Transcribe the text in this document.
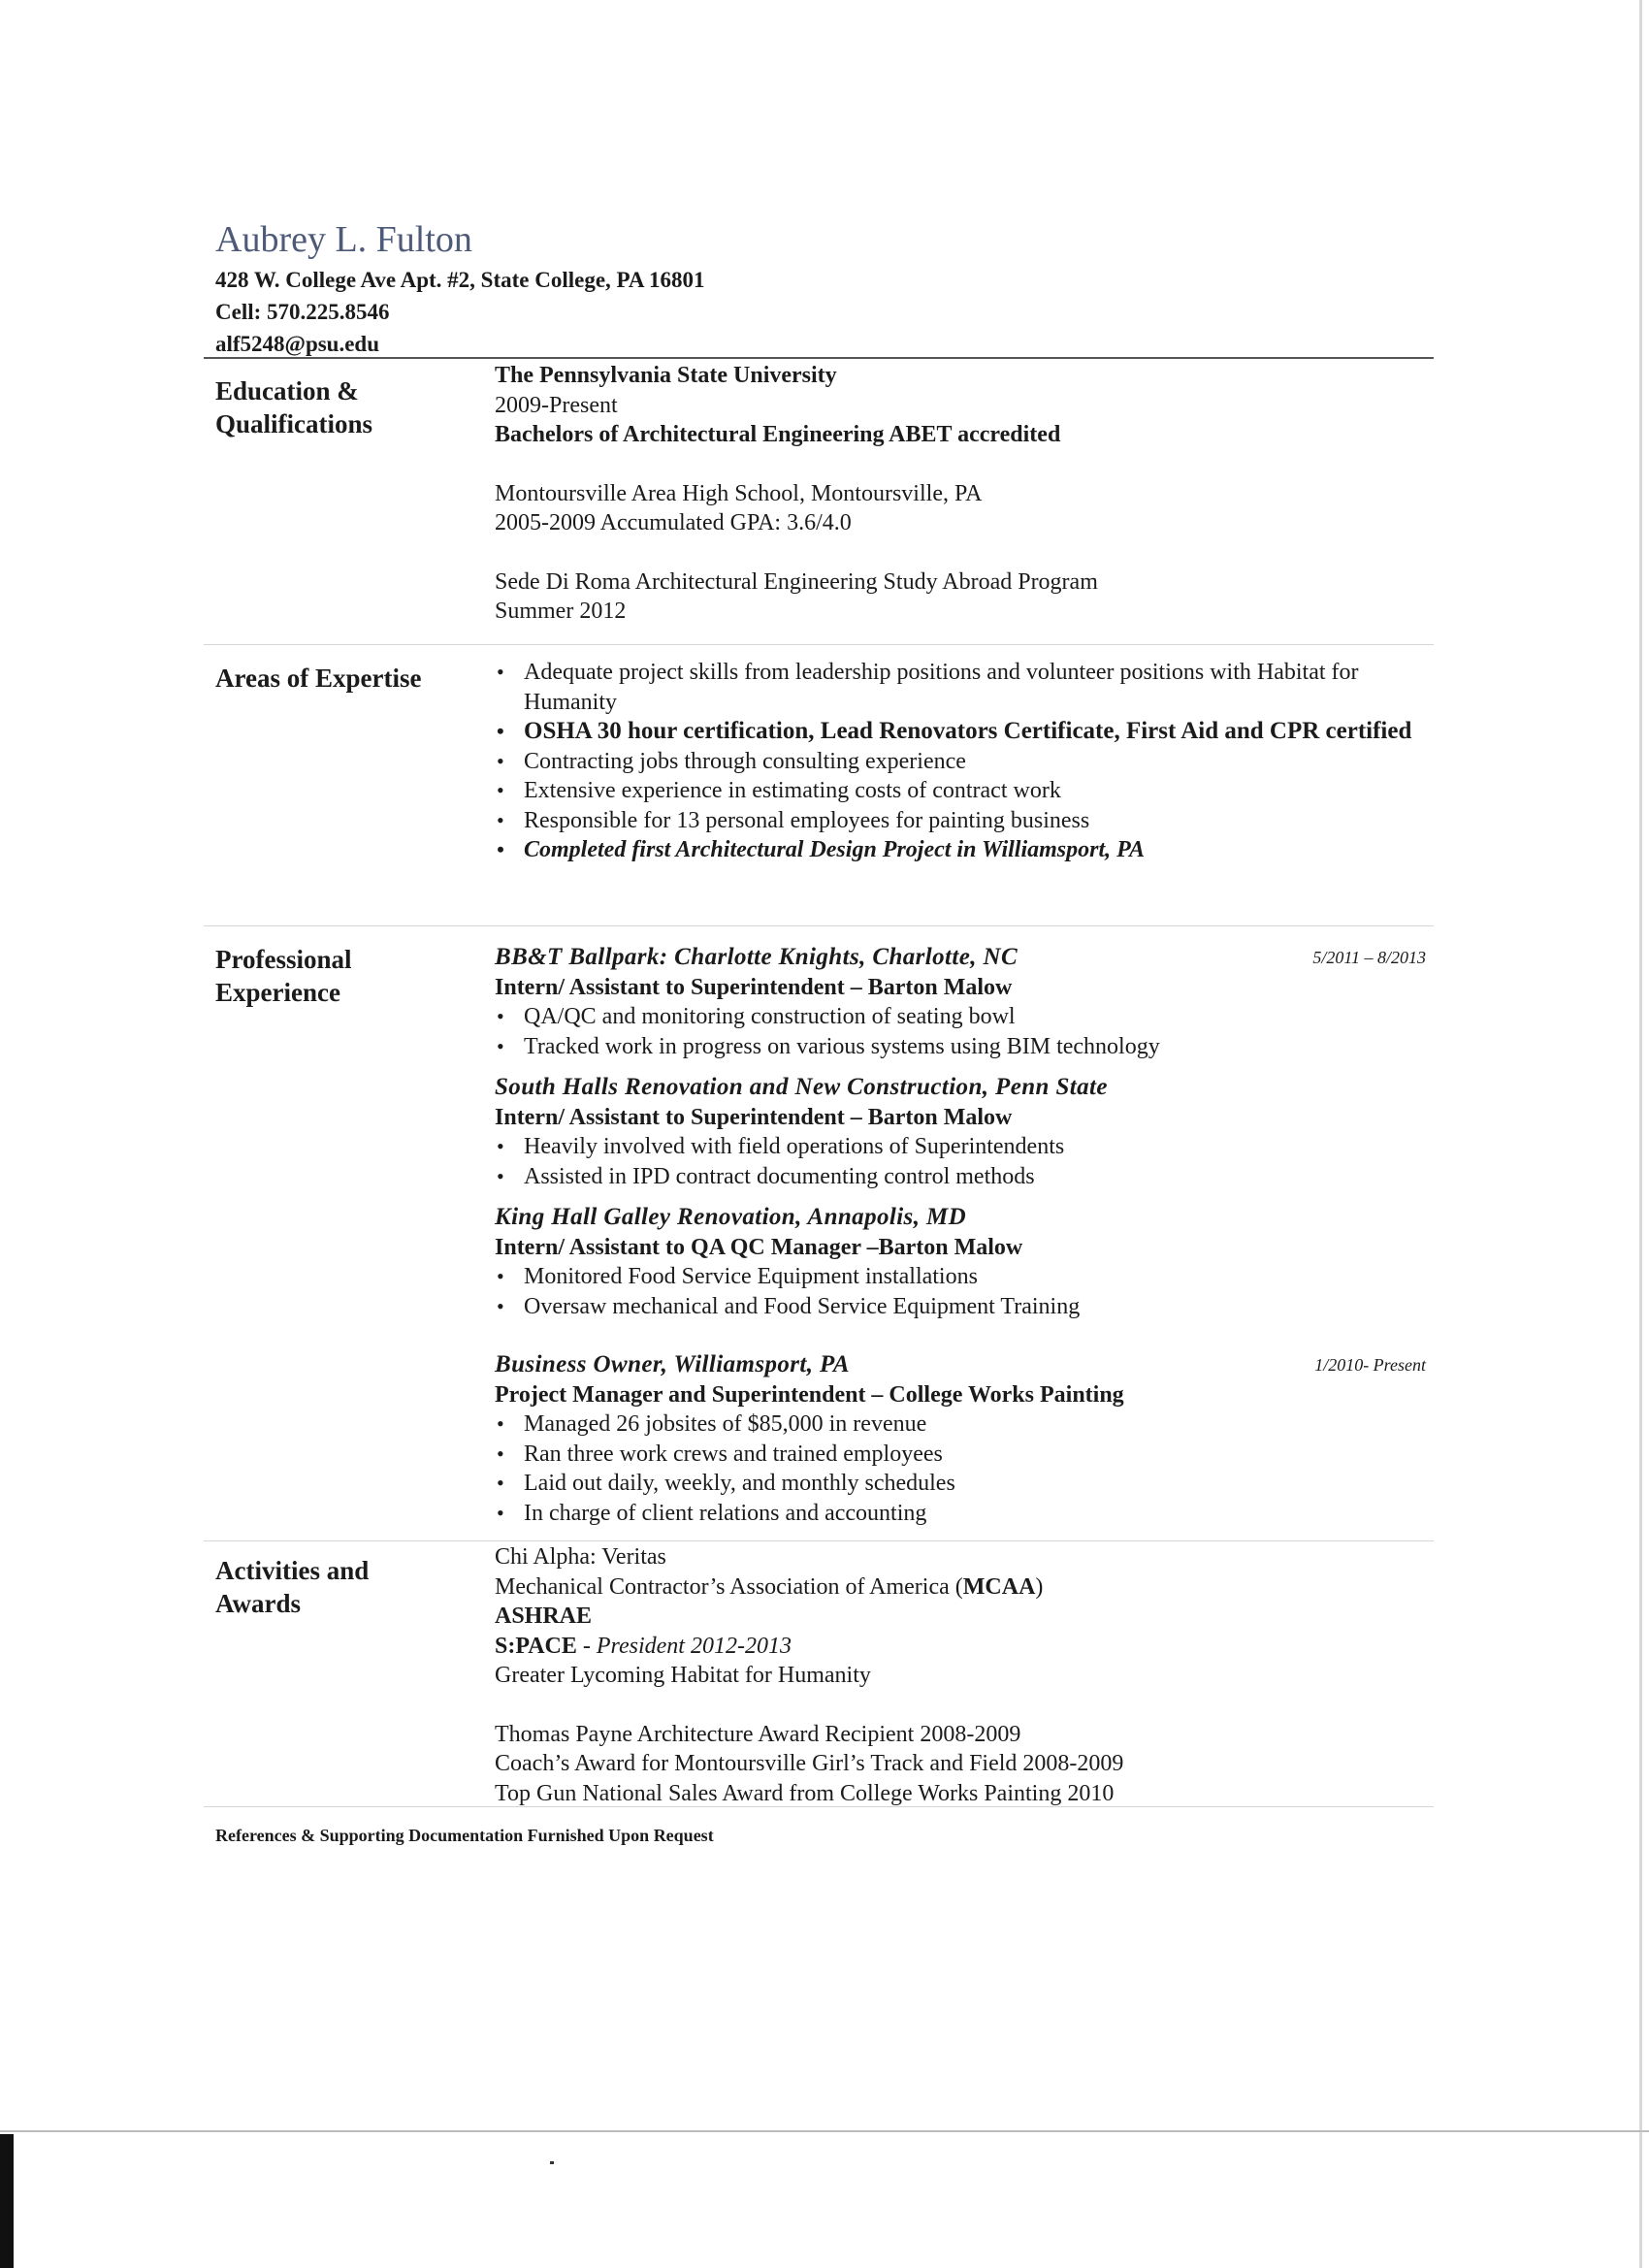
Aubrey L. Fulton
428 W. College Ave Apt. #2, State College, PA 16801
Cell: 570.225.8546
alf5248@psu.edu
Education &
Qualifications
The Pennsylvania State University
2009-Present
Bachelors of Architectural Engineering ABET accredited
Montoursville Area High School, Montoursville, PA
2005-2009 Accumulated GPA: 3.6/4.0
Sede Di Roma Architectural Engineering Study Abroad Program
Summer 2012
Areas of Expertise
•	Adequate project skills from leadership positions and volunteer positions with Habitat for Humanity
• OSHA 30 hour certification, Lead Renovators Certificate, First Aid and CPR certified
• Contracting jobs through consulting experience
• Extensive experience in estimating costs of contract work
• Responsible for 13 personal employees for painting business
• Completed first Architectural Design Project in Williamsport, PA
Professional
Experience
5/2011 – 8/2013
BB&T Ballpark: Charlotte Knights, Charlotte, NC
Intern/ Assistant to Superintendent – Barton Malow
• QA/QC and monitoring construction of seating bowl
• Tracked work in progress on various systems using BIM technology
South Halls Renovation and New Construction, Penn State
Intern/ Assistant to Superintendent – Barton Malow
• Heavily involved with field operations of Superintendents
• Assisted in IPD contract documenting control methods
King Hall Galley Renovation, Annapolis, MD
Intern/ Assistant to QA QC Manager –Barton Malow
• Monitored Food Service Equipment installations
• Oversaw mechanical and Food Service Equipment Training
1/2010- Present
Business Owner, Williamsport, PA
Project Manager and Superintendent – College Works Painting
• Managed 26 jobsites of $85,000 in revenue
• Ran three work crews and trained employees
• Laid out daily, weekly, and monthly schedules
• In charge of client relations and accounting
Activities and
Awards
Chi Alpha: Veritas
Mechanical Contractor’s Association of America (MCAA)
ASHRAE
S:PACE - President 2012-2013
Greater Lycoming Habitat for Humanity
Thomas Payne Architecture Award Recipient 2008-2009
Coach’s Award for Montoursville Girl’s Track and Field 2008-2009
Top Gun National Sales Award from College Works Painting 2010
References & Supporting Documentation Furnished Upon Request
